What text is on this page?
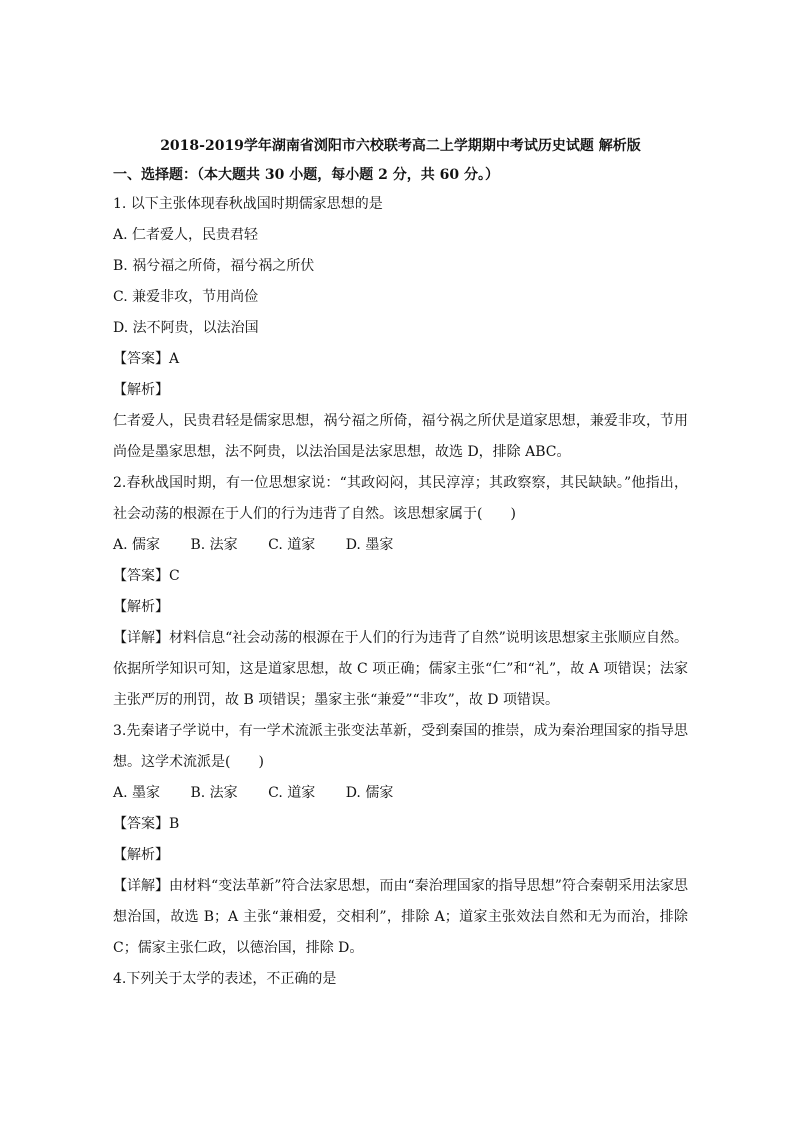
2018-2019学年湖南省浏阳市六校联考高二上学期期中考试历史试题 解析版
一、选择题：（本大题共 30 小题，每小题 2 分，共 60 分。）
1. 以下主张体现春秋战国时期儒家思想的是
A. 仁者爱人，民贵君轻
B. 祸兮福之所倚，福兮祸之所伏
C. 兼爱非攻，节用尚俭
D. 法不阿贵，以法治国
【答案】A
【解析】

仁者爱人，民贵君轻是儒家思想，祸兮福之所倚，福兮祸之所伏是道家思想，兼爱非攻，节用尚俭是墨家思想，法不阿贵，以法治国是法家思想，故选 D，排除 ABC。

2.春秋战国时期，有一位思想家说：“其政闷闷，其民淳淳；其政察察，其民缺缺。”他指出，社会动荡的根源在于人们的行为违背了自然。该思想家属于(　　)

A. 儒家 B. 法家 C. 道家 D. 墨家
【答案】C
【解析】

【详解】材料信息“社会动荡的根源在于人们的行为违背了自然”说明该思想家主张顺应自然。依据所学知识可知，这是道家思想，故 C 项正确；儒家主张“仁”和“礼”，故 A 项错误；法家主张严厉的刑罚，故 B 项错误；墨家主张“兼爱”“非攻”，故 D 项错误。

3.先秦诸子学说中，有一学术流派主张变法革新，受到秦国的推崇，成为秦治理国家的指导思想。这学术流派是(　　)

A. 墨家 B. 法家 C. 道家 D. 儒家
【答案】B
【解析】

【详解】由材料“变法革新”符合法家思想，而由“秦治理国家的指导思想”符合秦朝采用法家思想治国，故选 B；A 主张“兼相爱，交相利”，排除 A；道家主张效法自然和无为而治，排除 C；儒家主张仁政，以德治国，排除 D。

4.下列关于太学的表述，不正确的是
